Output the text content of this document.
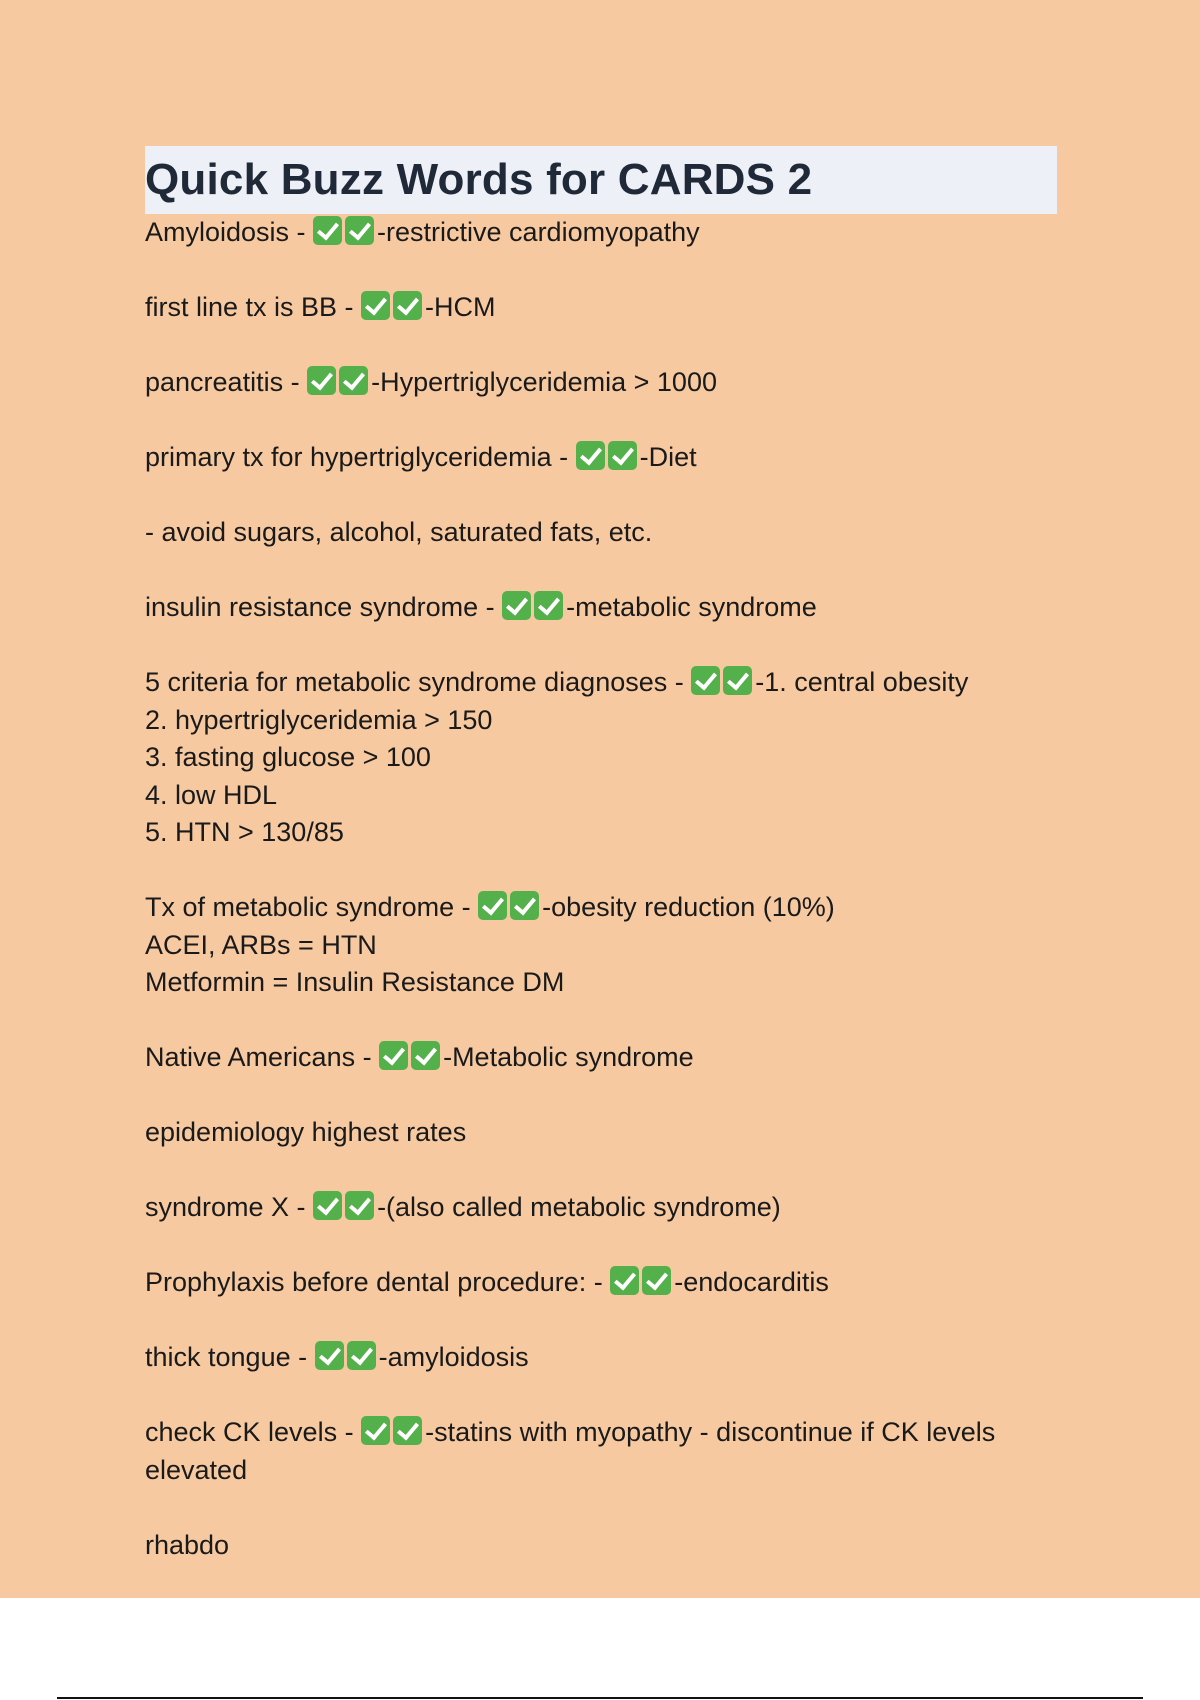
Quick Buzz Words for CARDS 2
Amyloidosis - -restrictive cardiomyopathy
first line tx is BB - -HCM
pancreatitis - -Hypertriglyceridemia > 1000
primary tx for hypertriglyceridemia - -Diet
- avoid sugars, alcohol, saturated fats, etc.
insulin resistance syndrome - -metabolic syndrome
5 criteria for metabolic syndrome diagnoses - -1. central obesity
2. hypertriglyceridemia > 150
3. fasting glucose > 100
4. low HDL
5. HTN > 130/85
Tx of metabolic syndrome - -obesity reduction (10%)
ACEI, ARBs = HTN
Metformin = Insulin Resistance DM
Native Americans - -Metabolic syndrome
epidemiology highest rates
syndrome X - -(also called metabolic syndrome)
Prophylaxis before dental procedure: - -endocarditis
thick tongue - -amyloidosis
check CK levels - -statins with myopathy - discontinue if CK levels elevated
rhabdo
